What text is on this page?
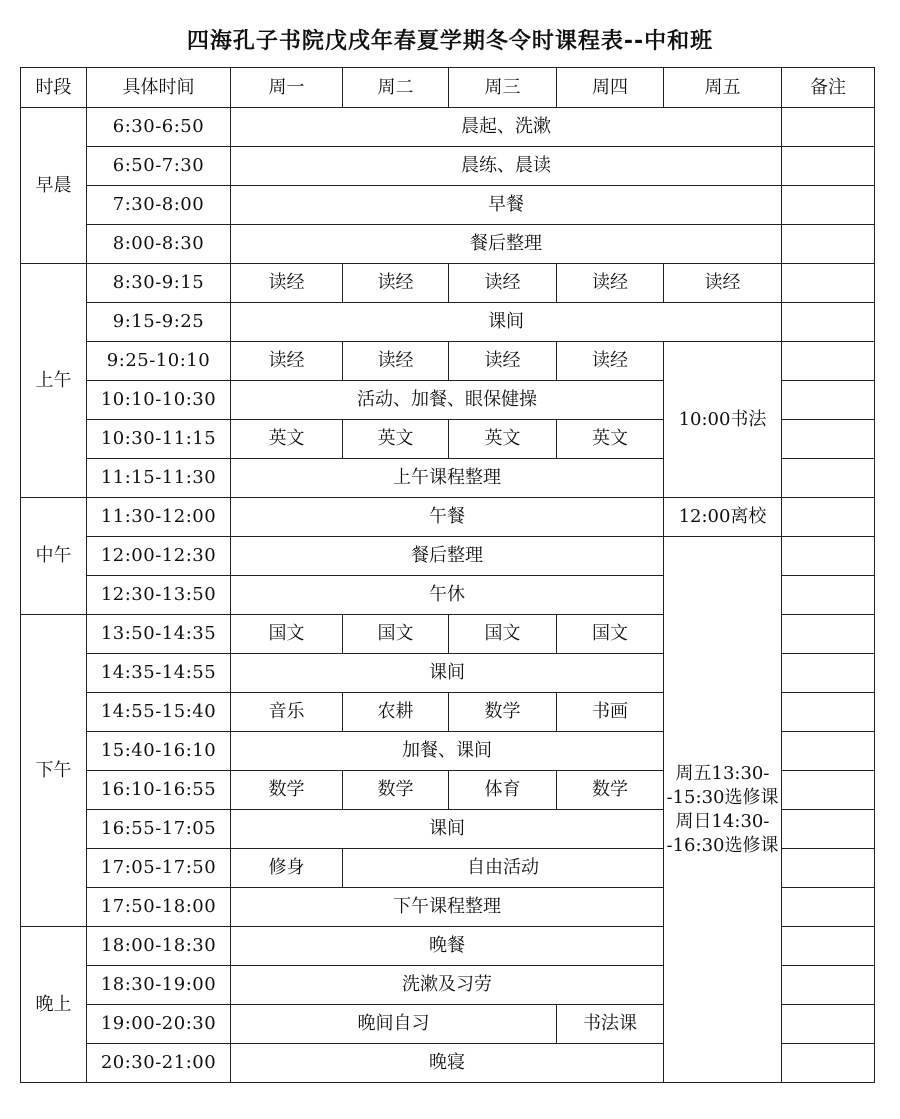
四海孔子书院戊戌年春夏学期冬令时课程表--中和班
时段	具体时间	周一	周二	周三	周四	周五	备注
早晨	6:30-6:50	晨起、洗漱					
	6:50-7:30	晨练、晨读					
	7:30-8:00	早餐					
	8:00-8:30	餐后整理					
上午	8:30-9:15	读经	读经	读经	读经	读经	
	9:15-9:25	课间					
	9:25-10:10	读经	读经	读经	读经	10:00书法	
	10:10-10:30	活动、加餐、眼保健操					
	10:30-11:15	英文	英文	英文	英文		
	11:15-11:30	上午课程整理					
中午	11:30-12:00	午餐				12:00离校	
	12:00-12:30	餐后整理				周五13:30--15:30选修课周日14:30--16:30选修课	
	12:30-13:50	午休					
下午	13:50-14:35	国文	国文	国文	国文		
	14:35-14:55	课间					
	14:55-15:40	音乐	农耕	数学	书画		
	15:40-16:10	加餐、课间					
	16:10-16:55	数学	数学	体育	数学		
	16:55-17:05	课间					
	17:05-17:50	修身	自由活动				
	17:50-18:00	下午课程整理					
晚上	18:00-18:30	晚餐					
	18:30-19:00	洗漱及习劳					
	19:00-20:30	晚间自习			书法课		
	20:30-21:00	晚寝					
